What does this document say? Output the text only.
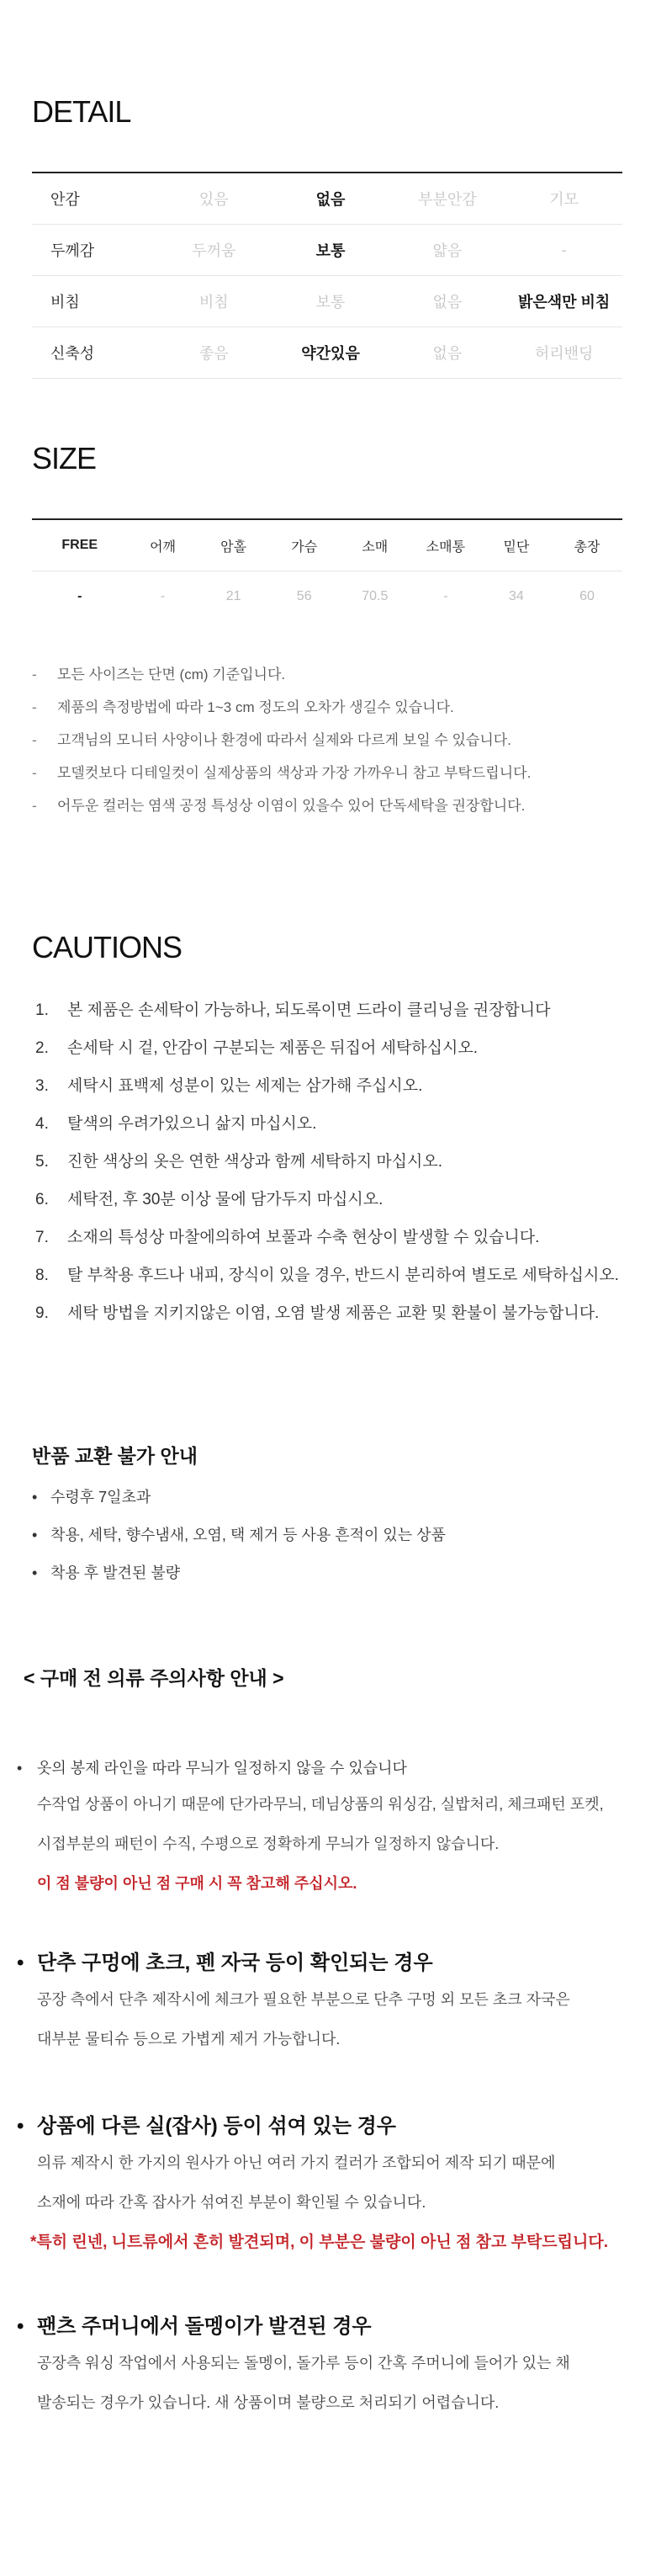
DETAIL
안감	있음	없음	부분안감	기모
두께감	두꺼움	보통	얇음	-
비침	비침	보통	없음	밝은색만 비침
신축성	좋음	약간있음	없음	허리밴딩
SIZE
FREE	어깨	암홀	가슴	소매	소매통	밑단	총장
-	-	21	56	70.5	-	34	60
- 모든 사이즈는 단면 (cm) 기준입니다.
- 제품의 측정방법에 따라 1~3 cm 정도의 오차가 생길수 있습니다.
- 고객님의 모니터 사양이나 환경에 따라서 실제와 다르게 보일 수 있습니다.
- 모델컷보다 디테일컷이 실제상품의 색상과 가장 가까우니 참고 부탁드립니다.
- 어두운 컬러는 염색 공정 특성상 이염이 있을수 있어 단독세탁을 권장합니다.
CAUTIONS
1. 본 제품은 손세탁이 가능하나, 되도록이면 드라이 클리닝을 권장합니다
2. 손세탁 시 겉, 안감이 구분되는 제품은 뒤집어 세탁하십시오.
3. 세탁시 표백제 성분이 있는 세제는 삼가해 주십시오.
4. 탈색의 우려가있으니 삶지 마십시오.
5. 진한 색상의 옷은 연한 색상과 함께 세탁하지 마십시오.
6. 세탁전, 후 30분 이상 물에 담가두지 마십시오.
7. 소재의 특성상 마찰에의하여 보풀과 수축 현상이 발생할 수 있습니다.
8. 탈 부착용 후드나 내피, 장식이 있을 경우, 반드시 분리하여 별도로 세탁하십시오.
9. 세탁 방법을 지키지않은 이염, 오염 발생 제품은 교환 및 환불이 불가능합니다.
반품 교환 불가 안내
• 수령후 7일초과
• 착용, 세탁, 향수냄새, 오염, 택 제거 등 사용 흔적이 있는 상품
• 착용 후 발견된 불량
< 구매 전 의류 주의사항 안내 >

• 옷의 봉제 라인을 따라 무늬가 일정하지 않을 수 있습니다

수작업 상품이 아니기 때문에 단가라무늬, 데님상품의 워싱감, 실밥처리, 체크패턴 포켓,

시접부분의 패턴이 수직, 수평으로 정확하게 무늬가 일정하지 않습니다.

이 점 불량이 아닌 점 구매 시 꼭 참고해 주십시오.

• 단추 구멍에 초크, 펜 자국 등이 확인되는 경우

공장 측에서 단추 제작시에 체크가 필요한 부분으로 단추 구멍 외 모든 초크 자국은

대부분 물티슈 등으로 가볍게 제거 가능합니다.

• 상품에 다른 실(잡사) 등이 섞여 있는 경우

의류 제작시 한 가지의 원사가 아닌 여러 가지 컬러가 조합되어 제작 되기 때문에

소재에 따라 간혹 잡사가 섞여진 부분이 확인될 수 있습니다.

*특히 린넨, 니트류에서 흔히 발견되며, 이 부분은 불량이 아닌 점 참고 부탁드립니다.

• 팬츠 주머니에서 돌멩이가 발견된 경우

공장측 워싱 작업에서 사용되는 돌멩이, 돌가루 등이 간혹 주머니에 들어가 있는 채

발송되는 경우가 있습니다. 새 상품이며 불량으로 처리되기 어렵습니다.
